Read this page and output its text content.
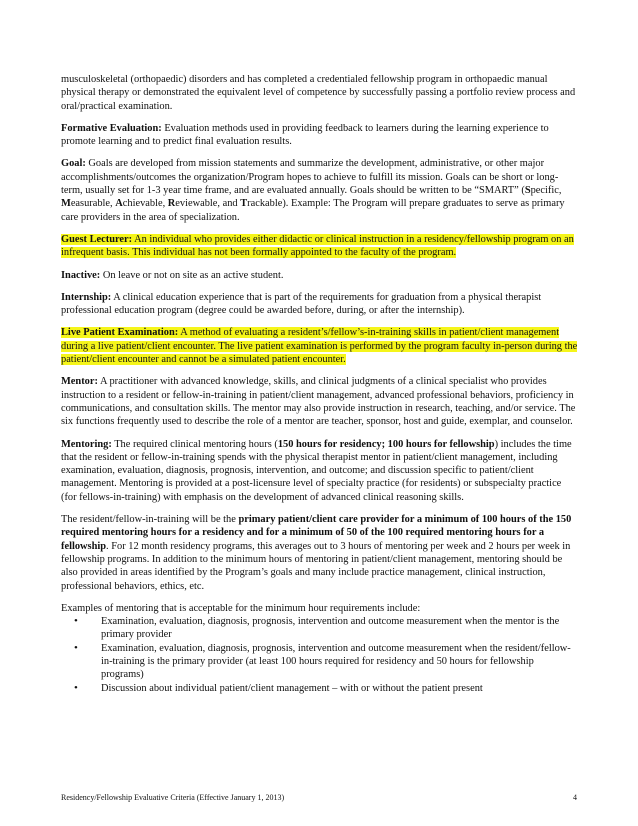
musculoskeletal (orthopaedic) disorders and has completed a credentialed fellowship program in orthopaedic manual physical therapy or demonstrated the equivalent level of competence by successfully passing a portfolio review process and oral/practical examination.

Formative Evaluation: Evaluation methods used in providing feedback to learners during the learning experience to promote learning and to predict final evaluation results.

Goal: Goals are developed from mission statements and summarize the development, administrative, or other major accomplishments/outcomes the organization/Program hopes to achieve to fulfill its mission. Goals can be short or long-term, usually set for 1-3 year time frame, and are evaluated annually. Goals should be written to be “SMART” (Specific, Measurable, Achievable, Reviewable, and Trackable). Example: The Program will prepare graduates to serve as primary care providers in the area of specialization.

Guest Lecturer: An individual who provides either didactic or clinical instruction in a residency/fellowship program on an infrequent basis. This individual has not been formally appointed to the faculty of the program.

Inactive: On leave or not on site as an active student.

Internship: A clinical education experience that is part of the requirements for graduation from a physical therapist professional education program (degree could be awarded before, during, or after the internship).

Live Patient Examination: A method of evaluating a resident’s/fellow’s-in-training skills in patient/client management during a live patient/client encounter. The live patient examination is performed by the program faculty in-person during the patient/client encounter and cannot be a simulated patient encounter.

Mentor: A practitioner with advanced knowledge, skills, and clinical judgments of a clinical specialist who provides instruction to a resident or fellow-in-training in patient/client management, advanced professional behaviors, proficiency in communications, and consultation skills. The mentor may also provide instruction in research, teaching, and/or service. The six functions frequently used to describe the role of a mentor are teacher, sponsor, host and guide, exemplar, and counselor.

Mentoring: The required clinical mentoring hours (150 hours for residency; 100 hours for fellowship) includes the time that the resident or fellow-in-training spends with the physical therapist mentor in patient/client management, including examination, evaluation, diagnosis, prognosis, intervention, and outcome; and discussion specific to patient/client management. Mentoring is provided at a post-licensure level of specialty practice (for residents) or subspecialty practice (for fellows-in-training) with emphasis on the development of advanced clinical reasoning skills.

The resident/fellow-in-training will be the primary patient/client care provider for a minimum of 100 hours of the 150 required mentoring hours for a residency and for a minimum of 50 of the 100 required mentoring hours for a fellowship. For 12 month residency programs, this averages out to 3 hours of mentoring per week and 2 hours per week in fellowship programs. In addition to the minimum hours of mentoring in patient/client management, mentoring should be also provided in areas identified by the Program’s goals and many include practice management, clinical instruction, professional behaviors, ethics, etc.

Examples of mentoring that is acceptable for the minimum hour requirements include:

• Examination, evaluation, diagnosis, prognosis, intervention and outcome measurement when the mentor is the primary provider
• Examination, evaluation, diagnosis, prognosis, intervention and outcome measurement when the resident/fellow-in-training is the primary provider (at least 100 hours required for residency and 50 hours for fellowship programs)
• Discussion about individual patient/client management – with or without the patient present
Residency/Fellowship Evaluative Criteria (Effective January 1, 2013)	4
